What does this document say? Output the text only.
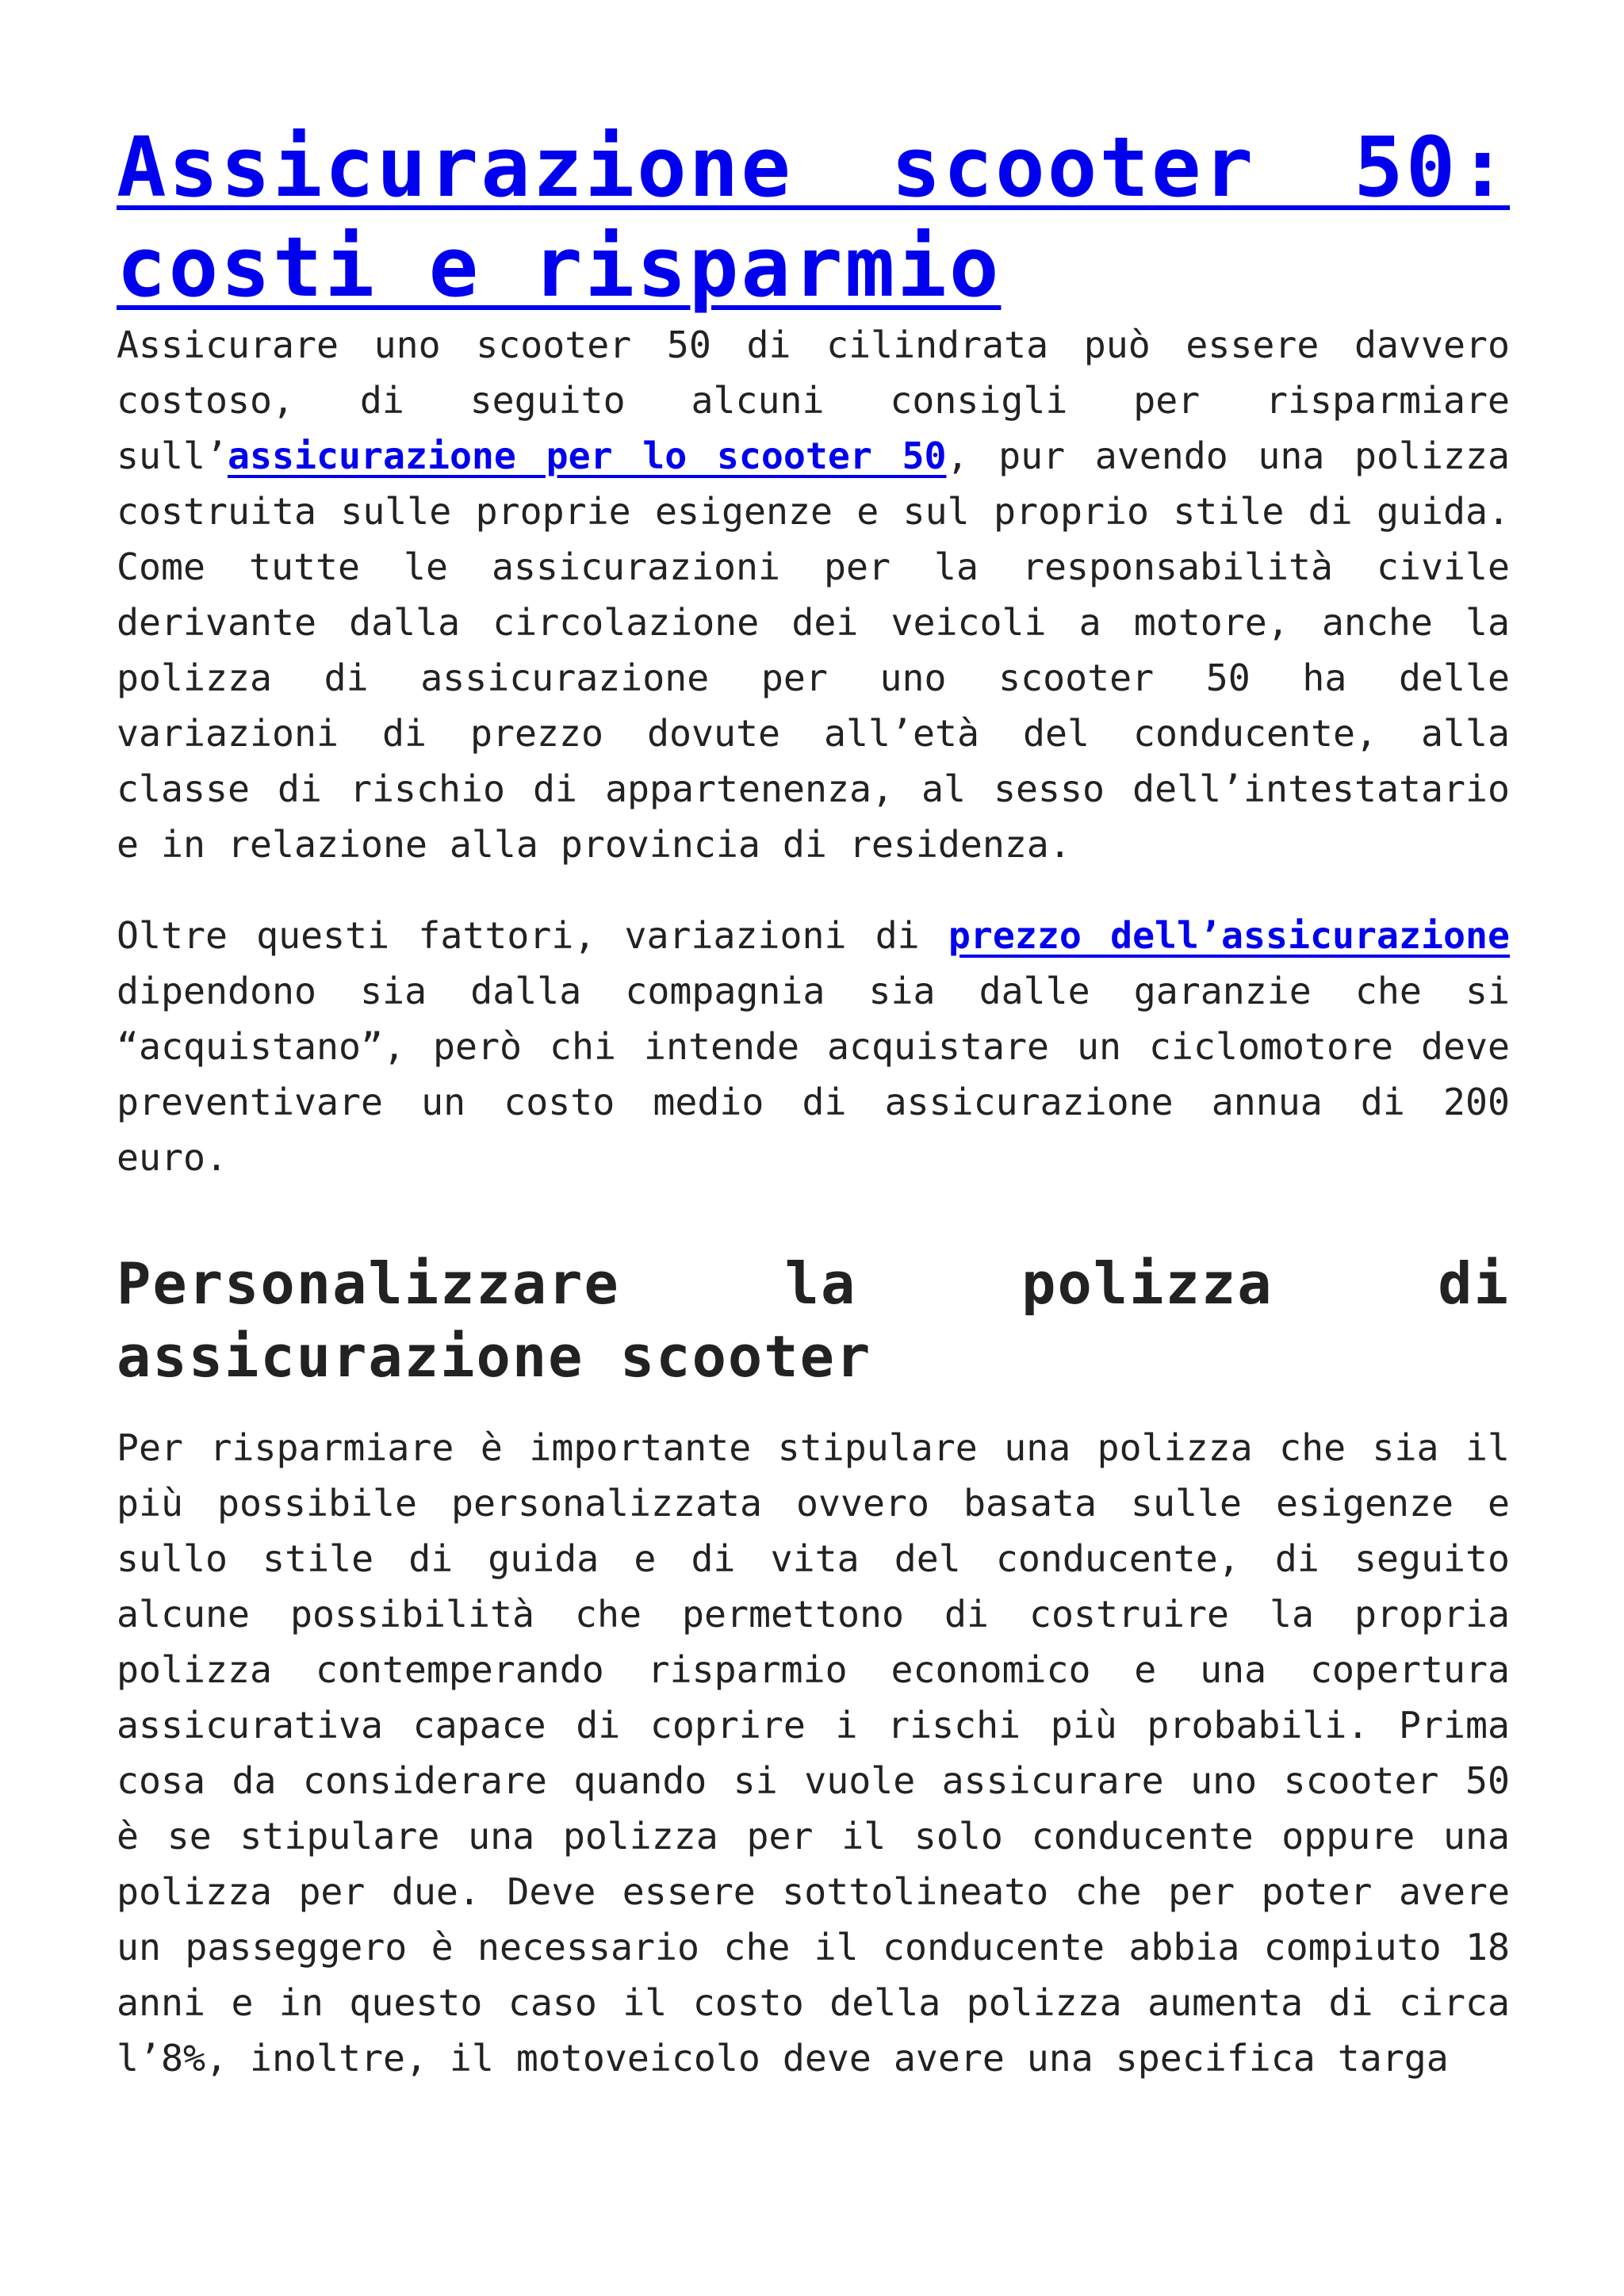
Assicurazione scooter 50: costi e risparmio

Assicurare uno scooter 50 di cilindrata può essere davvero costoso, di seguito alcuni consigli per risparmiare sull’assicurazione per lo scooter 50, pur avendo una polizza costruita sulle proprie esigenze e sul proprio stile di guida. Come tutte le assicurazioni per la responsabilità civile derivante dalla circolazione dei veicoli a motore, anche la polizza di assicurazione per uno scooter 50 ha delle variazioni di prezzo dovute all’età del conducente, alla classe di rischio di appartenenza, al sesso dell’intestatario e in relazione alla provincia di residenza.

Oltre questi fattori, variazioni di prezzo dell’assicurazione dipendono sia dalla compagnia sia dalle garanzie che si “acquistano”, però chi intende acquistare un ciclomotore deve preventivare un costo medio di assicurazione annua di 200 euro.

Personalizzare la polizza di assicurazione scooter

Per risparmiare è importante stipulare una polizza che sia il più possibile personalizzata ovvero basata sulle esigenze e sullo stile di guida e di vita del conducente, di seguito alcune possibilità che permettono di costruire la propria polizza contemperando risparmio economico e una copertura assicurativa capace di coprire i rischi più probabili. Prima cosa da considerare quando si vuole assicurare uno scooter 50 è se stipulare una polizza per il solo conducente oppure una polizza per due. Deve essere sottolineato che per poter avere un passeggero è necessario che il conducente abbia compiuto 18 anni e in questo caso il costo della polizza aumenta di circa l’8%, inoltre, il motoveicolo deve avere una specifica targa
